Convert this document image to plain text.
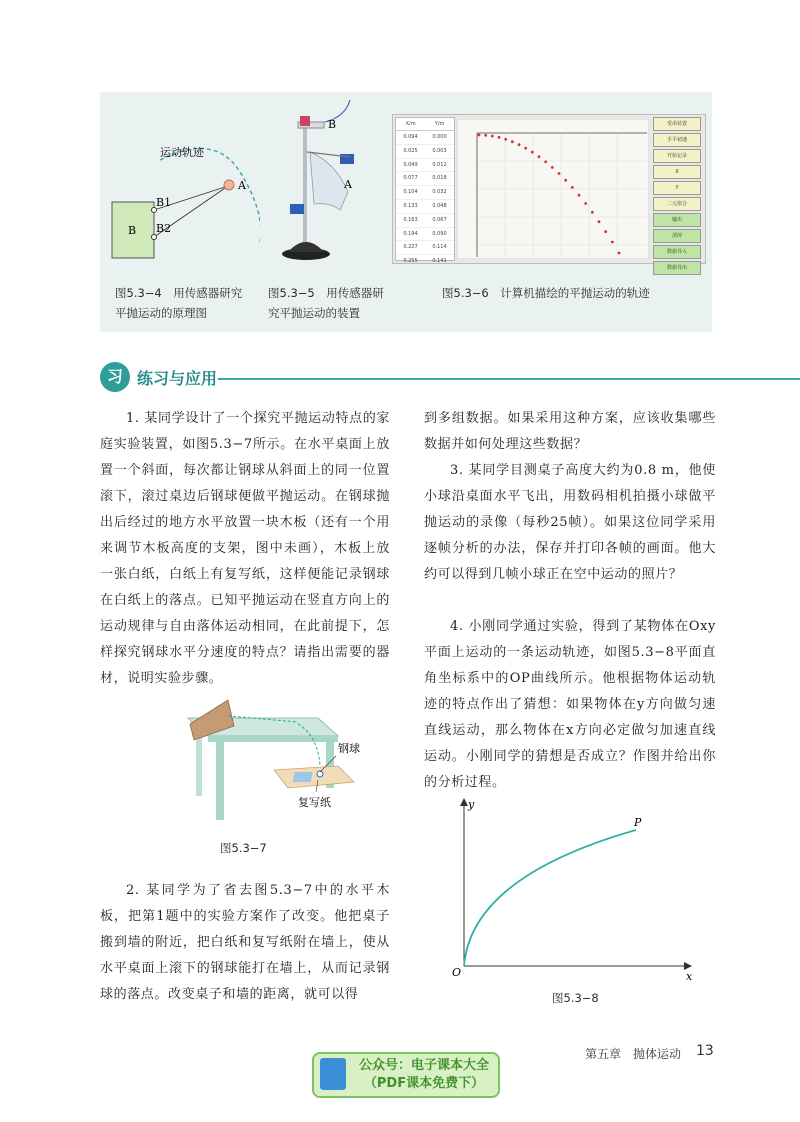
运动轨迹
A
B
B1
B2
图5.3−4　用传感器研究
平抛运动的原理图
B
A
图5.3−5　用传感器研
究平抛运动的装置
X/m	Y/m
0.094	0.000
0.025	0.003
0.049	0.012
0.077	0.018
0.104	0.032
0.133	0.048
0.163	0.067
0.194	0.090
0.227	0.114
0.255	0.141
受命装置
手平初速
开始记录
X
Y
二元拟合
输出
清屏
数据导入
数据导出
图5.3−6　计算机描绘的平抛运动的轨迹
习 练习与应用
1. 某同学设计了一个探究平抛运动特点的家庭实验装置，如图5.3−7所示。在水平桌面上放置一个斜面，每次都让钢球从斜面上的同一位置滚下，滚过桌边后钢球便做平抛运动。在钢球抛出后经过的地方水平放置一块木板（还有一个用来调节木板高度的支架，图中未画），木板上放一张白纸，白纸上有复写纸，这样便能记录钢球在白纸上的落点。已知平抛运动在竖直方向上的运动规律与自由落体运动相同，在此前提下，怎样探究钢球水平分速度的特点？请指出需要的器材，说明实验步骤。
钢球
复写纸
图5.3−7
2. 某同学为了省去图5.3−7中的水平木板，把第1题中的实验方案作了改变。他把桌子搬到墙的附近，把白纸和复写纸附在墙上，使从水平桌面上滚下的钢球能打在墙上，从而记录钢球的落点。改变桌子和墙的距离，就可以得
到多组数据。如果采用这种方案，应该收集哪些数据并如何处理这些数据？
3. 某同学目测桌子高度大约为0.8 m，他使小球沿桌面水平飞出，用数码相机拍摄小球做平抛运动的录像（每秒25帧）。如果这位同学采用逐帧分析的办法，保存并打印各帧的画面。他大约可以得到几帧小球正在空中运动的照片？
4. 小刚同学通过实验，得到了某物体在Oxy平面上运动的一条运动轨迹，如图5.3−8平面直角坐标系中的OP曲线所示。他根据物体运动轨迹的特点作出了猜想：如果物体在y方向做匀速直线运动，那么物体在x方向必定做匀加速直线运动。小刚同学的猜想是否成立？作图并给出你的分析过程。
O
y
x
P
图5.3−8
第五章　抛体运动 13
公众号：电子课本大全
（PDF课本免费下）
